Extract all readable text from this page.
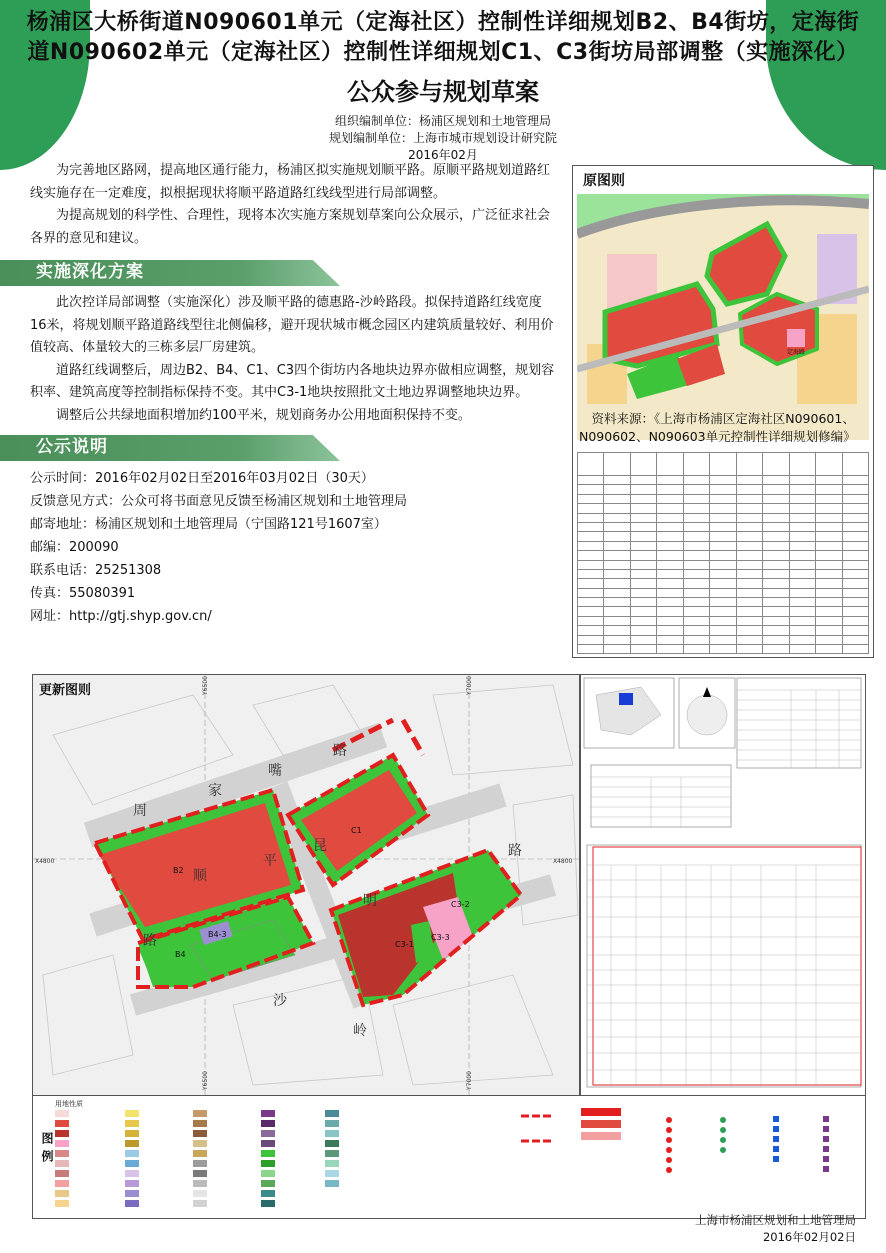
杨浦区大桥街道N090601单元（定海社区）控制性详细规划B2、B4街坊，定海街
道N090602单元（定海社区）控制性详细规划C1、C3街坊局部调整（实施深化）
公众参与规划草案
组织编制单位：杨浦区规划和土地管理局
规划编制单位：上海市城市规划设计研究院
2016年02月

为完善地区路网，提高地区通行能力，杨浦区拟实施规划顺平路。原顺平路规划道路红线实施存在一定难度，拟根据现状将顺平路道路红线线型进行局部调整。

为提高规划的科学性、合理性，现将本次实施方案规划草案向公众展示，广泛征求社会各界的意见和建议。

实施深化方案

此次控详局部调整（实施深化）涉及顺平路的德惠路-沙岭路段。拟保持道路红线宽度16米，将规划顺平路道路线型往北侧偏移，避开现状城市概念园区内建筑质量较好、利用价值较高、体量较大的三栋多层厂房建筑。

道路红线调整后，周边B2、B4、C1、C3四个街坊内各地块边界亦做相应调整，规划容积率、建筑高度等控制指标保持不变。其中C3-1地块按照批文土地边界调整地块边界。

调整后公共绿地面积增加约100平米，规划商务办公用地面积保持不变。

公示说明

公示时间：2016年02月02日至2016年03月02日（30天）

反馈意见方式：公众可将书面意见反馈至杨浦区规划和土地管理局

邮寄地址：杨浦区规划和土地管理局（宁国路121号1607室）

邮编：200090

联系电话：25251308

传真：55080391

网址：http://gtj.shyp.gov.cn/

原图则
定海路
资料来源：《上海市杨浦区定海社区N090601、N090602、N090603单元控制性详细规划修编》

更新图则
周
家
嘴
路
顺
平
路
昆
明
路
沙
岭
B2
B4
C1
C3-1
C3-2
C3-3
B4-3
X4800	X4800
Y6500	Y7000
Y6500	Y7000
图例
用地性质
上海市杨浦区规划和土地管理局
2016年02月02日
